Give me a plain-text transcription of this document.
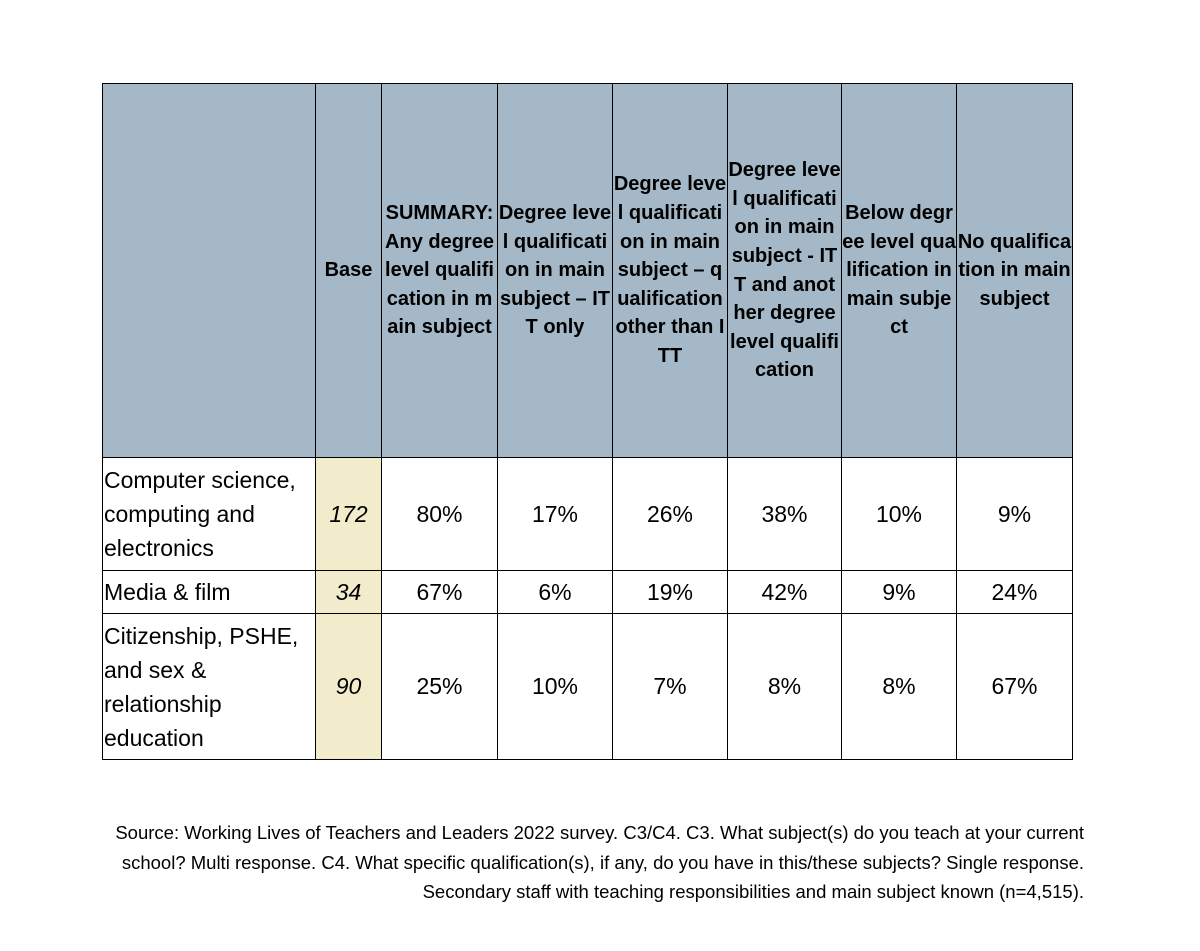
	Base	SUMMARY: Any degree level qualification in main subject	Degree level qualification in main subject – ITT only	Degree level qualification in main subject – qualification other than ITT	Degree level qualification in main subject - ITT and another degree level qualification	Below degree level qualification in main subject	No qualification in main subject
Computer science, computing and electronics	172	80%	17%	26%	38%	10%	9%
Media & film	34	67%	6%	19%	42%	9%	24%
Citizenship, PSHE, and sex & relationship education	90	25%	10%	7%	8%	8%	67%
Source: Working Lives of Teachers and Leaders 2022 survey. C3/C4. C3. What subject(s) do you teach at your current school? Multi response. C4. What specific qualification(s), if any, do you have in this/these subjects? Single response. Secondary staff with teaching responsibilities and main subject known (n=4,515).
